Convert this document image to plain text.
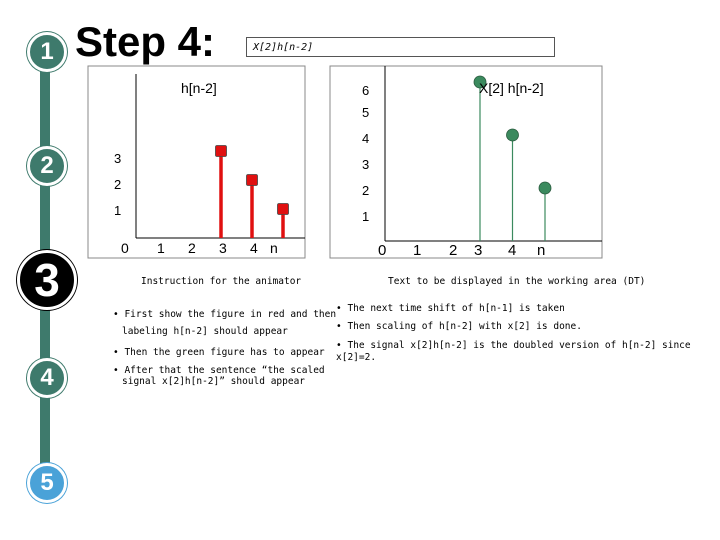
1
2
3
4
5
Step 4:	X[2]h[n-2]
h[n-2]
3
2
1
0 1 2 3 4 n
X[2] h[n-2]
6
5
4
3
2
1
0 1 2 3 4 n
Instruction for the animator
• First show the figure in red and then
labeling h[n-2] should appear
• Then the green figure has to appear
• After that the sentence “the scaled
signal x[2]h[n-2]” should appear
Text to be displayed in the working area (DT)
• The next time shift of h[n-1] is taken
• Then scaling of h[n-2] with x[2] is done.
• The signal x[2]h[n-2] is the doubled version of h[n-2] since x[2]=2.
